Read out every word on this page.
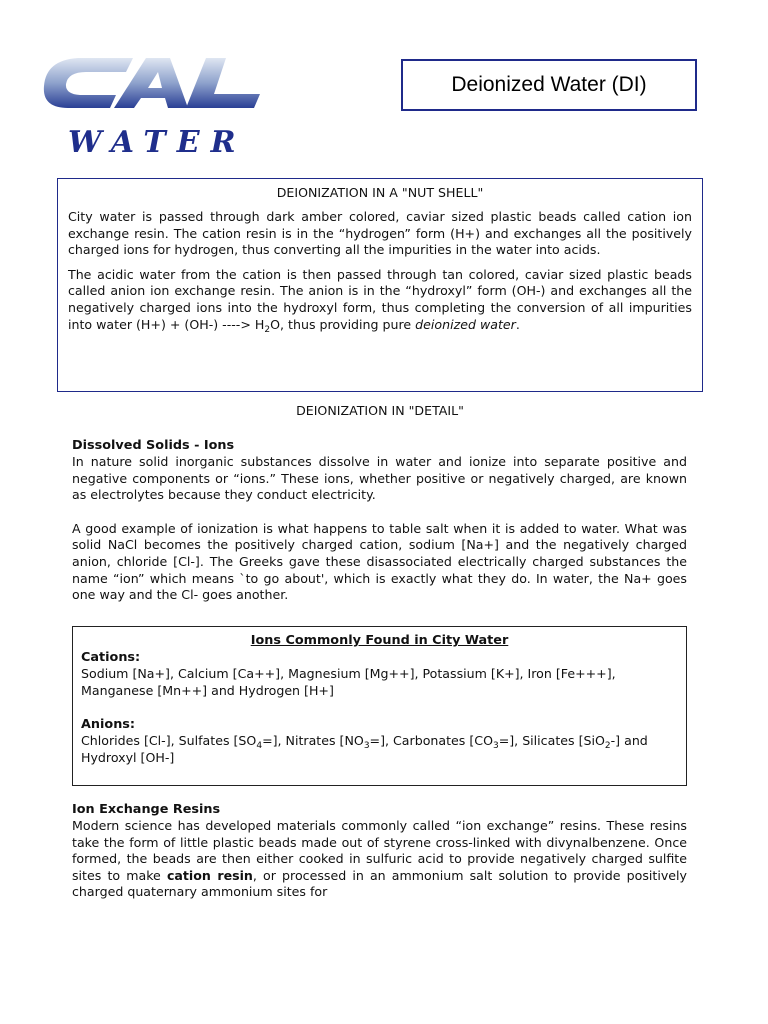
WATER
Deionized Water (DI)

DEIONIZATION IN A "NUT SHELL"

City water is passed through dark amber colored, caviar sized plastic beads called cation ion exchange resin. The cation resin is in the “hydrogen” form (H+) and exchanges all the positively charged ions for hydrogen, thus converting all the impurities in the water into acids.

The acidic water from the cation is then passed through tan colored, caviar sized plastic beads called anion ion exchange resin. The anion is in the “hydroxyl” form (OH-) and exchanges all the negatively charged ions into the hydroxyl form, thus completing the conversion of all impurities into water (H+) + (OH-) ----> $H_2O$, thus providing pure deionized water.

DEIONIZATION IN "DETAIL"

Dissolved Solids - Ions

In nature solid inorganic substances dissolve in water and ionize into separate positive and negative components or “ions.” These ions, whether positive or negatively charged, are known as electrolytes because they conduct electricity.

A good example of ionization is what happens to table salt when it is added to water. What was solid NaCl becomes the positively charged cation, sodium [Na+] and the negatively charged anion, chloride [Cl-]. The Greeks gave these disassociated electrically charged substances the name “ion” which means `to go about', which is exactly what they do. In water, the Na+ goes one way and the Cl- goes another.

Ions Commonly Found in City Water

Cations:

Sodium [Na+], Calcium [Ca++], Magnesium [Mg++], Potassium [K+], Iron [Fe+++], Manganese [Mn++] and Hydrogen [H+]

Anions:

Chlorides [Cl-], Sulfates $[SO_4=]$, Nitrates $[NO_3=]$, Carbonates $[CO_3=]$, Silicates [SiO$_2$-] and Hydroxyl [OH-]

Ion Exchange Resins

Modern science has developed materials commonly called “ion exchange” resins. These resins take the form of little plastic beads made out of styrene cross-linked with divynalbenzene. Once formed, the beads are then either cooked in sulfuric acid to provide negatively charged sulfite sites to make cation resin, or processed in an ammonium salt solution to provide positively charged quaternary ammonium sites for
